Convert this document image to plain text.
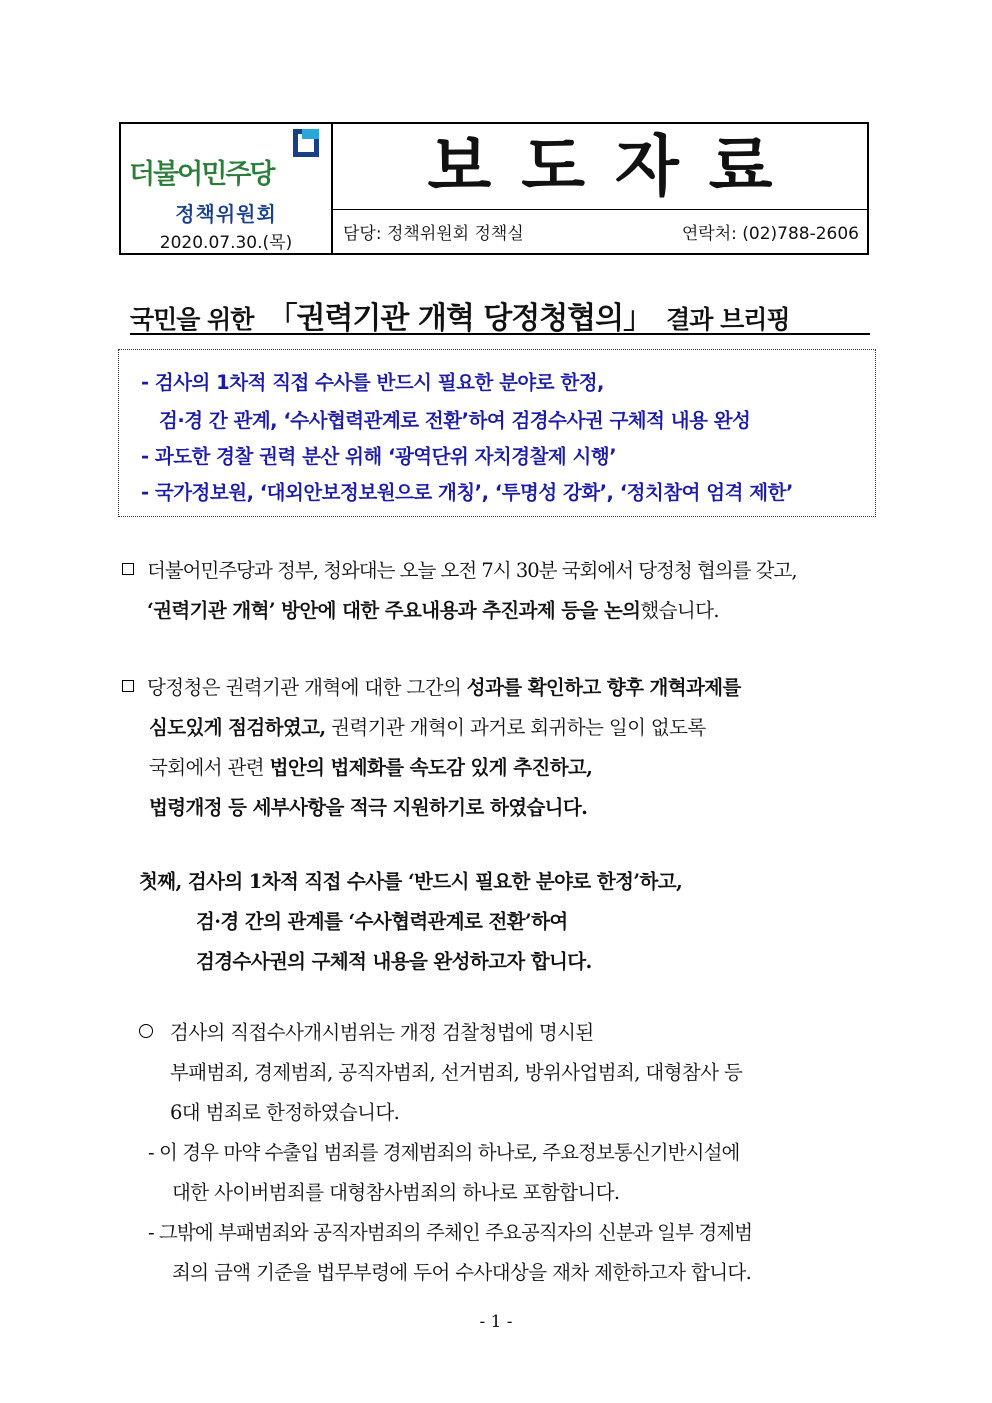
더불어민주당
정책위원회
2020.07.30.(목)
보도자료
담당: 정책위원회 정책실	연락처: (02)788-2606
국민을 위한 「권력기관 개혁 당정청협의」 결과 브리핑
- 검사의 1차적 직접 수사를 반드시 필요한 분야로 한정,
검·경 간 관계, ‘수사협력관계로 전환’하여 검경수사권 구체적 내용 완성
- 과도한 경찰 권력 분산 위해 ‘광역단위 자치경찰제 시행’
- 국가정보원, ‘대외안보정보원으로 개칭’, ‘투명성 강화’, ‘정치참여 엄격 제한’
더불어민주당과 정부, 청와대는 오늘 오전 7시 30분 국회에서 당정청 협의를 갖고,
‘권력기관 개혁’ 방안에 대한 주요내용과 추진과제 등을 논의했습니다.
당정청은 권력기관 개혁에 대한 그간의 성과를 확인하고 향후 개혁과제를
심도있게 점검하였고, 권력기관 개혁이 과거로 회귀하는 일이 없도록
국회에서 관련 법안의 법제화를 속도감 있게 추진하고,
법령개정 등 세부사항을 적극 지원하기로 하였습니다.
첫째, 검사의 1차적 직접 수사를 ‘반드시 필요한 분야로 한정’하고,
검·경 간의 관계를 ‘수사협력관계로 전환’하여
검경수사권의 구체적 내용을 완성하고자 합니다.
검사의 직접수사개시범위는 개정 검찰청법에 명시된
부패범죄, 경제범죄, 공직자범죄, 선거범죄, 방위사업범죄, 대형참사 등
6대 범죄로 한정하였습니다.
- 이 경우 마약 수출입 범죄를 경제범죄의 하나로, 주요정보통신기반시설에
대한 사이버범죄를 대형참사범죄의 하나로 포함합니다.
- 그밖에 부패범죄와 공직자범죄의 주체인 주요공직자의 신분과 일부 경제범
죄의 금액 기준을 법무부령에 두어 수사대상을 재차 제한하고자 합니다.
- 1 -
